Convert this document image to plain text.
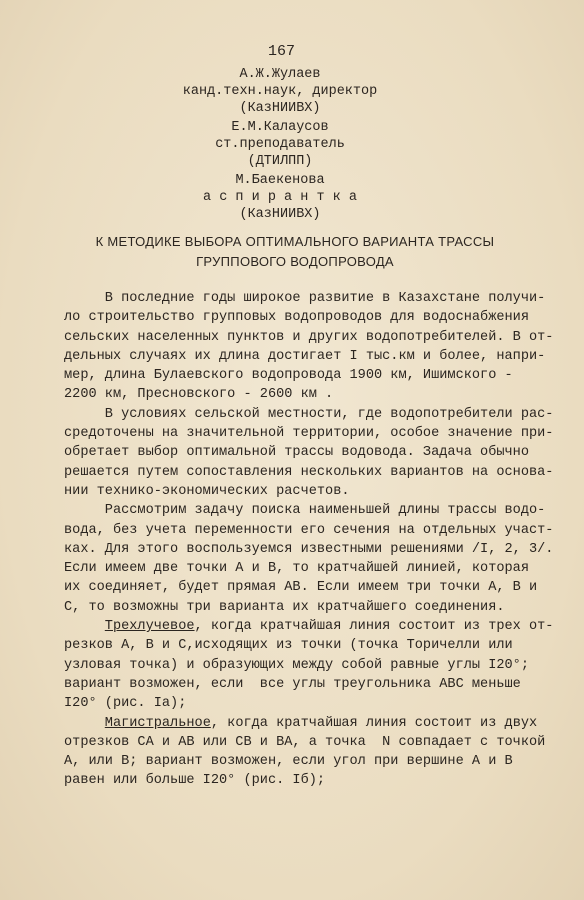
167
А.Ж.Жулаев
канд.техн.наук, директор
(КазНИИВХ)
Е.М.Калаусов
ст.преподаватель
(ДТИЛПП)
М.Баекенова
а с п и р а н т к а
(КазНИИВХ)
К МЕТОДИКЕ ВЫБОРА ОПТИМАЛЬНОГО ВАРИАНТА ТРАССЫ
ГРУППОВОГО ВОДОПРОВОДА

В последние годы широкое развитие в Казахстане получи-
ло строительство групповых водопроводов для водоснабжения
сельских населенных пунктов и других водопотребителей. В от-
дельных случаях их длина достигает I тыс.км и более, напри-
мер, длина Булаевского водопровода 1900 км, Ишимского -
2200 км, Пресновского - 2600 км .

В условиях сельской местности, где водопотребители рас-
средоточены на значительной территории, особое значение при-
обретает выбор оптимальной трассы водовода. Задача обычно
решается путем сопоставления нескольких вариантов на основа-
нии технико-экономических расчетов.

Рассмотрим задачу поиска наименьшей длины трассы водо-
вода, без учета переменности его сечения на отдельных участ-
ках. Для этого воспользуемся известными решениями /I, 2, 3/.
Если имеем две точки А и В, то кратчайшей линией, которая
их соединяет, будет прямая АВ. Если имеем три точки А, В и
С, то возможны три варианта их кратчайшего соединения.

Трехлучевое, когда кратчайшая линия состоит из трех от-
резков А, В и С,исходящих из точки (точка Торичелли или
узловая точка) и образующих между собой равные углы I20°;
вариант возможен, если  все углы треугольника АВС меньше
I20° (рис. Iа);

Магистральное, когда кратчайшая линия состоит из двух
отрезков СА и АВ или СВ и ВА, а точка  N совпадает с точкой
А, или В; вариант возможен, если угол при вершине А и В
равен или больше I20° (рис. Iб);
